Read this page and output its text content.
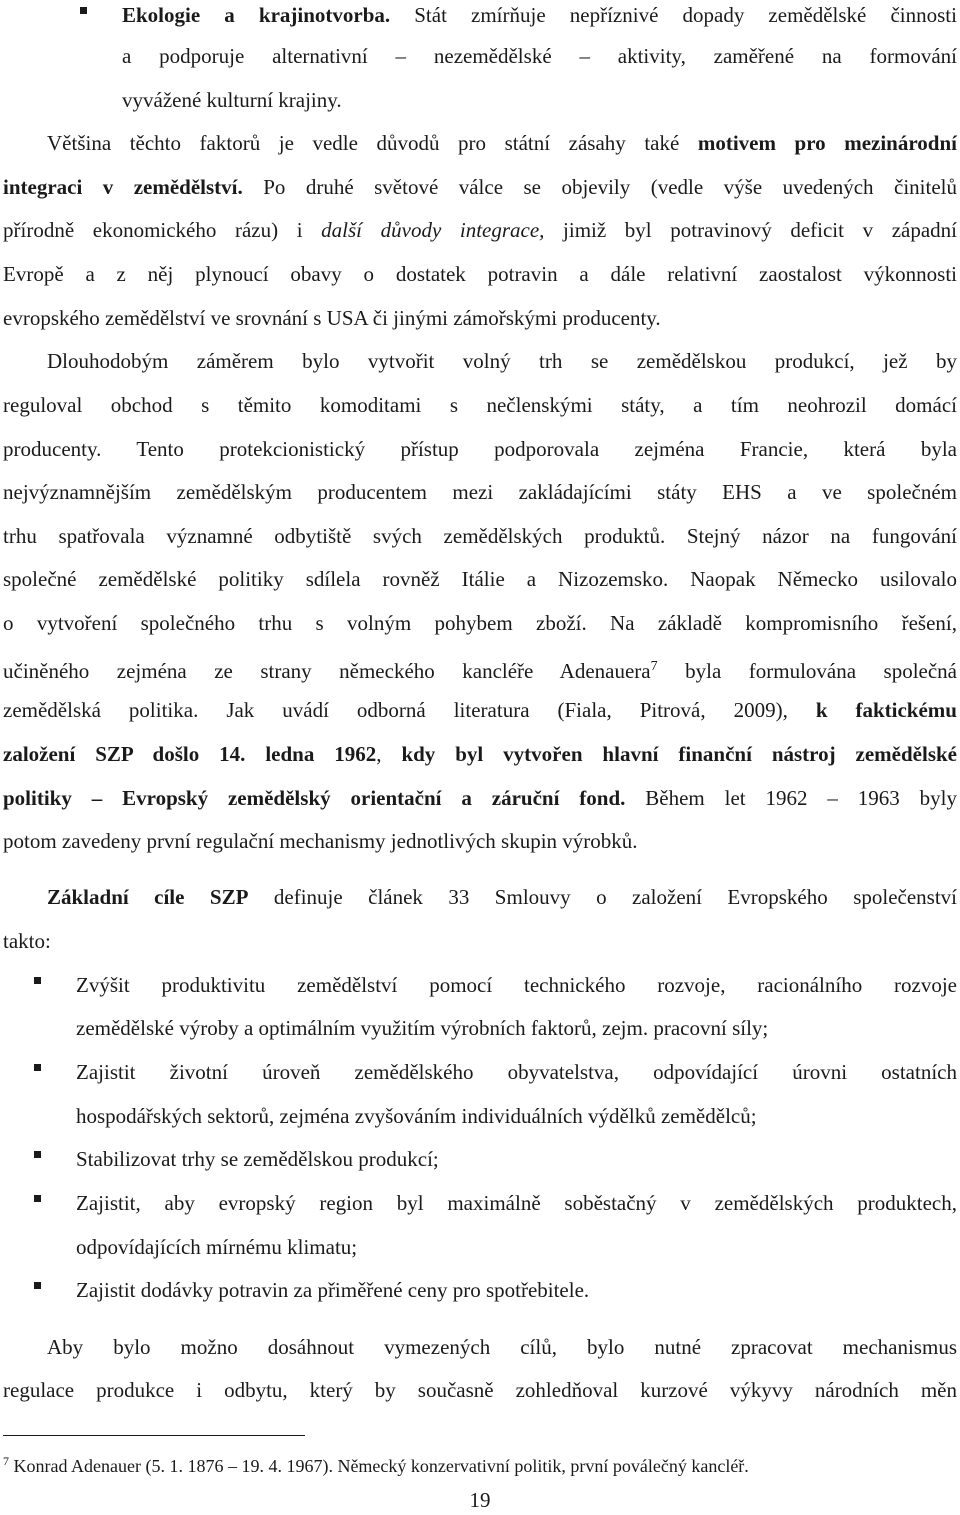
Ekologie a krajinotvorba. Stát zmírňuje nepříznivé dopady zemědělské činnosti
a podporuje alternativní – nezemědělské – aktivity, zaměřené na formování
vyvážené kulturní krajiny.
Většina těchto faktorů je vedle důvodů pro státní zásahy také motivem pro mezinárodní
integraci v zemědělství. Po druhé světové válce se objevily (vedle výše uvedených činitelů
přírodně ekonomického rázu) i další důvody integrace, jimiž byl potravinový deficit v západní
Evropě a z něj plynoucí obavy o dostatek potravin a dále relativní zaostalost výkonnosti
evropského zemědělství ve srovnání s USA či jinými zámořskými producenty.
Dlouhodobým záměrem bylo vytvořit volný trh se zemědělskou produkcí, jež by
reguloval obchod s těmito komoditami s nečlenskými státy, a tím neohrozil domácí
producenty. Tento protekcionistický přístup podporovala zejména Francie, která byla
nejvýznamnějším zemědělským producentem mezi zakládajícími státy EHS a ve společném
trhu spatřovala významné odbytiště svých zemědělských produktů. Stejný názor na fungování
společné zemědělské politiky sdílela rovněž Itálie a Nizozemsko. Naopak Německo usilovalo
o vytvoření společného trhu s volným pohybem zboží. Na základě kompromisního řešení,
učiněného zejména ze strany německého kancléře Adenauera$^7$ byla formulována společná
zemědělská politika. Jak uvádí odborná literatura (Fiala, Pitrová, 2009), k faktickému
založení SZP došlo 14. ledna 1962, kdy byl vytvořen hlavní finanční nástroj zemědělské
politiky – Evropský zemědělský orientační a záruční fond. Během let 1962 – 1963 byly
potom zavedeny první regulační mechanismy jednotlivých skupin výrobků.
Základní cíle SZP definuje článek 33 Smlouvy o založení Evropského společenství
takto:
Zvýšit produktivitu zemědělství pomocí technického rozvoje, racionálního rozvoje
zemědělské výroby a optimálním využitím výrobních faktorů, zejm. pracovní síly;
Zajistit životní úroveň zemědělského obyvatelstva, odpovídající úrovni ostatních
hospodářských sektorů, zejména zvyšováním individuálních výdělků zemědělců;
Stabilizovat trhy se zemědělskou produkcí;
Zajistit, aby evropský region byl maximálně soběstačný v zemědělských produktech,
odpovídajících mírnému klimatu;
Zajistit dodávky potravin za přiměřené ceny pro spotřebitele.
Aby bylo možno dosáhnout vymezených cílů, bylo nutné zpracovat mechanismus
regulace produkce i odbytu, který by současně zohledňoval kurzové výkyvy národních měn
$^7$ Konrad Adenauer (5. 1. 1876 – 19. 4. 1967). Německý konzervativní politik, první poválečný kancléř.
19
